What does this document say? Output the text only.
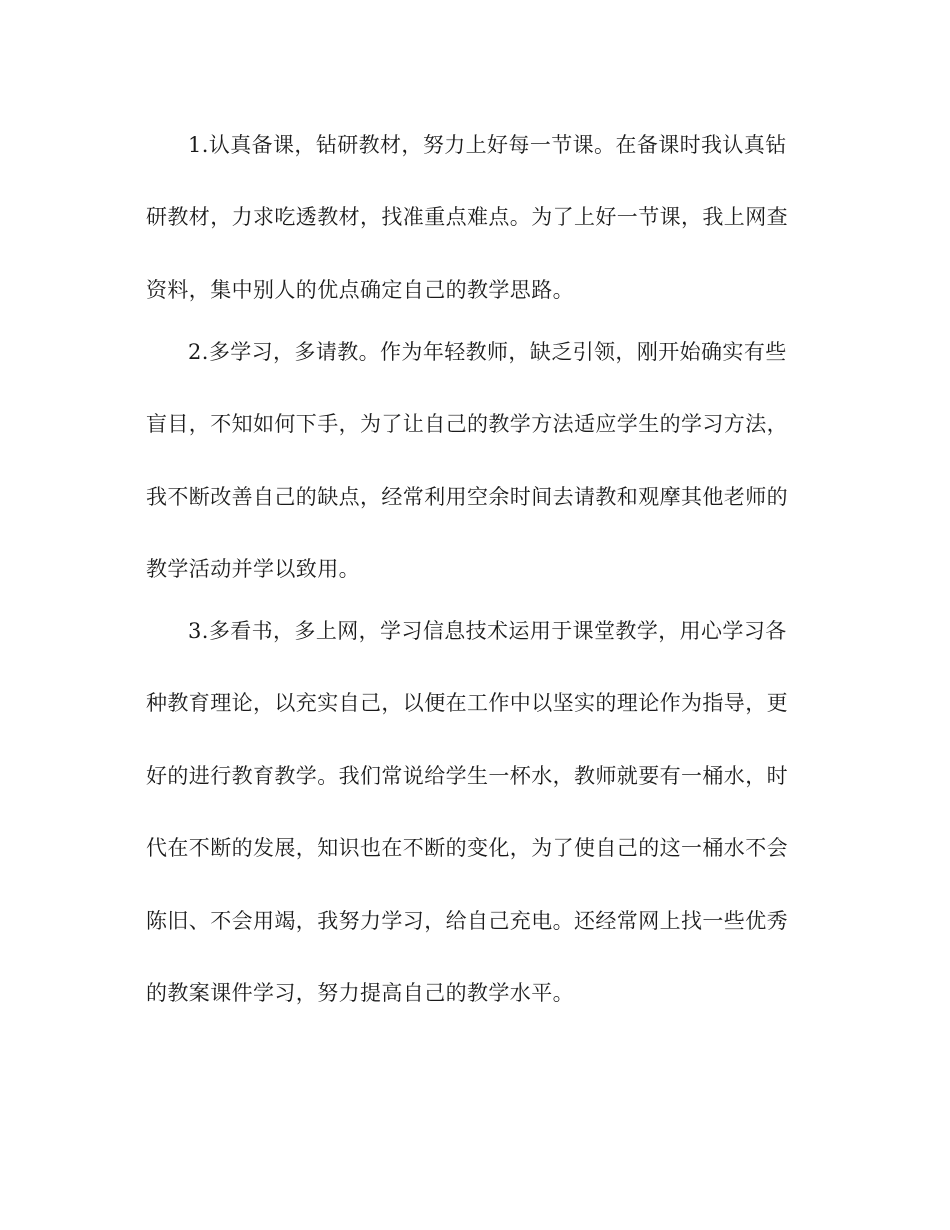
1.认真备课，钻研教材，努力上好每一节课。在备课时我认真钻
研教材，力求吃透教材，找准重点难点。为了上好一节课，我上网查
资料，集中别人的优点确定自己的教学思路。
2.多学习，多请教。作为年轻教师，缺乏引领，刚开始确实有些
盲目，不知如何下手，为了让自己的教学方法适应学生的学习方法，
我不断改善自己的缺点，经常利用空余时间去请教和观摩其他老师的
教学活动并学以致用。
3.多看书，多上网，学习信息技术运用于课堂教学，用心学习各
种教育理论，以充实自己，以便在工作中以坚实的理论作为指导，更
好的进行教育教学。我们常说给学生一杯水，教师就要有一桶水，时
代在不断的发展，知识也在不断的变化，为了使自己的这一桶水不会
陈旧、不会用竭，我努力学习，给自己充电。还经常网上找一些优秀
的教案课件学习，努力提高自己的教学水平。
